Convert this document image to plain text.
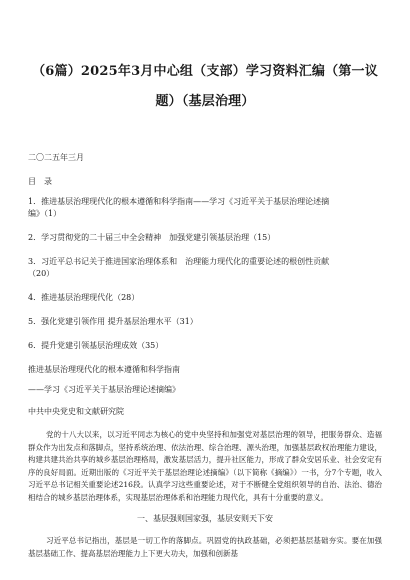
（6篇）2025年3月中心组（支部）学习资料汇编（第一议
题）（基层治理）
二〇二五年三月
目　录
1．推进基层治理现代化的根本遵循和科学指南——学习《习近平关于基层治理论述摘
编》（1）
2．学习贯彻党的二十届三中全会精神　加强党建引领基层治理（15）
3．习近平总书记关于推进国家治理体系和　治理能力现代化的重要论述的根创性贡献
（20）
4．推进基层治理现代化（28）
5．强化党建引领作用 提升基层治理水平（31）
6．提升党建引领基层治理成效（35）
推进基层治理现代化的根本遵循和科学指南
——学习《习近平关于基层治理论述摘编》
中共中央党史和文献研究院

党的十八大以来，以习近平同志为核心的党中央坚持和加强党对基层治理的领导，把服务群众、造福群众作为出发点和落脚点，坚持系统治理、依法治理、综合治理、源头治理，加强基层政权治理能力建设，构建共建共治共享的城乡基层治理格局，激发基层活力，提升社区能力，形成了群众安居乐业、社会安定有序的良好局面。近期出版的《习近平关于基层治理论述摘编》（以下简称《摘编》）一书，分7个专题，收入习近平总书记相关重要论述216段。认真学习这些重要论述，对于不断健全党组织领导的自治、法治、德治相结合的城乡基层治理体系，实现基层治理体系和治理能力现代化，具有十分重要的意义。

一、基层强则国家强，基层安则天下安

习近平总书记指出，基层是一切工作的落脚点。巩固党的执政基础，必须把基层基础夯实。要在加强基层基础工作、提高基层治理能力上下更大功夫，加强和创新基
